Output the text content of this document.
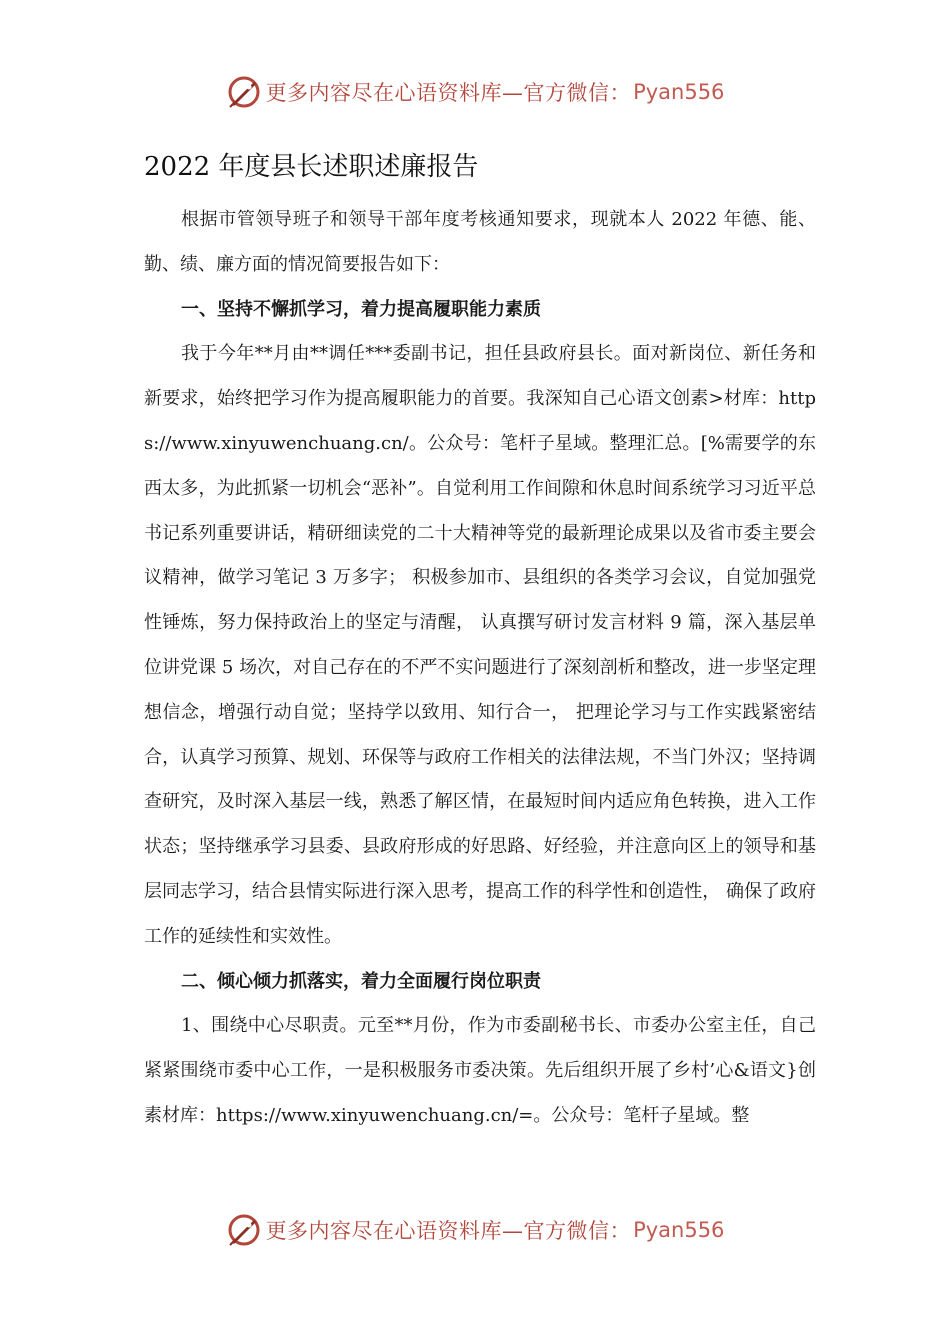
更多内容尽在心语资料库—官方微信： Pyan556
2022 年度县长述职述廉报告

根据市管领导班子和领导干部年度考核通知要求，现就本人 2022 年德、能、勤、绩、廉方面的情况简要报告如下：

一、坚持不懈抓学习，着力提高履职能力素质

我于今年**月由**调任***委副书记，担任县政府县长。面对新岗位、新任务和新要求，始终把学习作为提高履职能力的首要。我深知自己心语文创素>材库：https://www.xinyuwenchuang.cn/。公众号：笔杆子星域。整理汇总。[%需要学的东西太多，为此抓紧一切机会“恶补”。自觉利用工作间隙和休息时间系统学习习近平总书记系列重要讲话，精研细读党的二十大精神等党的最新理论成果以及省市委主要会议精神，做学习笔记 3 万多字； 积极参加市、县组织的各类学习会议，自觉加强党性锤炼，努力保持政治上的坚定与清醒， 认真撰写研讨发言材料 9 篇，深入基层单位讲党课 5 场次，对自己存在的不严不实问题进行了深刻剖析和整改，进一步坚定理想信念，增强行动自觉；坚持学以致用、知行合一， 把理论学习与工作实践紧密结合，认真学习预算、规划、环保等与政府工作相关的法律法规，不当门外汉；坚持调查研究，及时深入基层一线，熟悉了解区情，在最短时间内适应角色转换，进入工作状态；坚持继承学习县委、县政府形成的好思路、好经验，并注意向区上的领导和基层同志学习，结合县情实际进行深入思考，提高工作的科学性和创造性， 确保了政府工作的延续性和实效性。

二、倾心倾力抓落实，着力全面履行岗位职责

1、围绕中心尽职责。元至**月份，作为市委副秘书长、市委办公室主任，自己紧紧围绕市委中心工作，一是积极服务市委决策。先后组织开展了乡村’心&语文}创素材库：https://www.xinyuwenchuang.cn/=。公众号：笔杆子星域。整

更多内容尽在心语资料库—官方微信： Pyan556
